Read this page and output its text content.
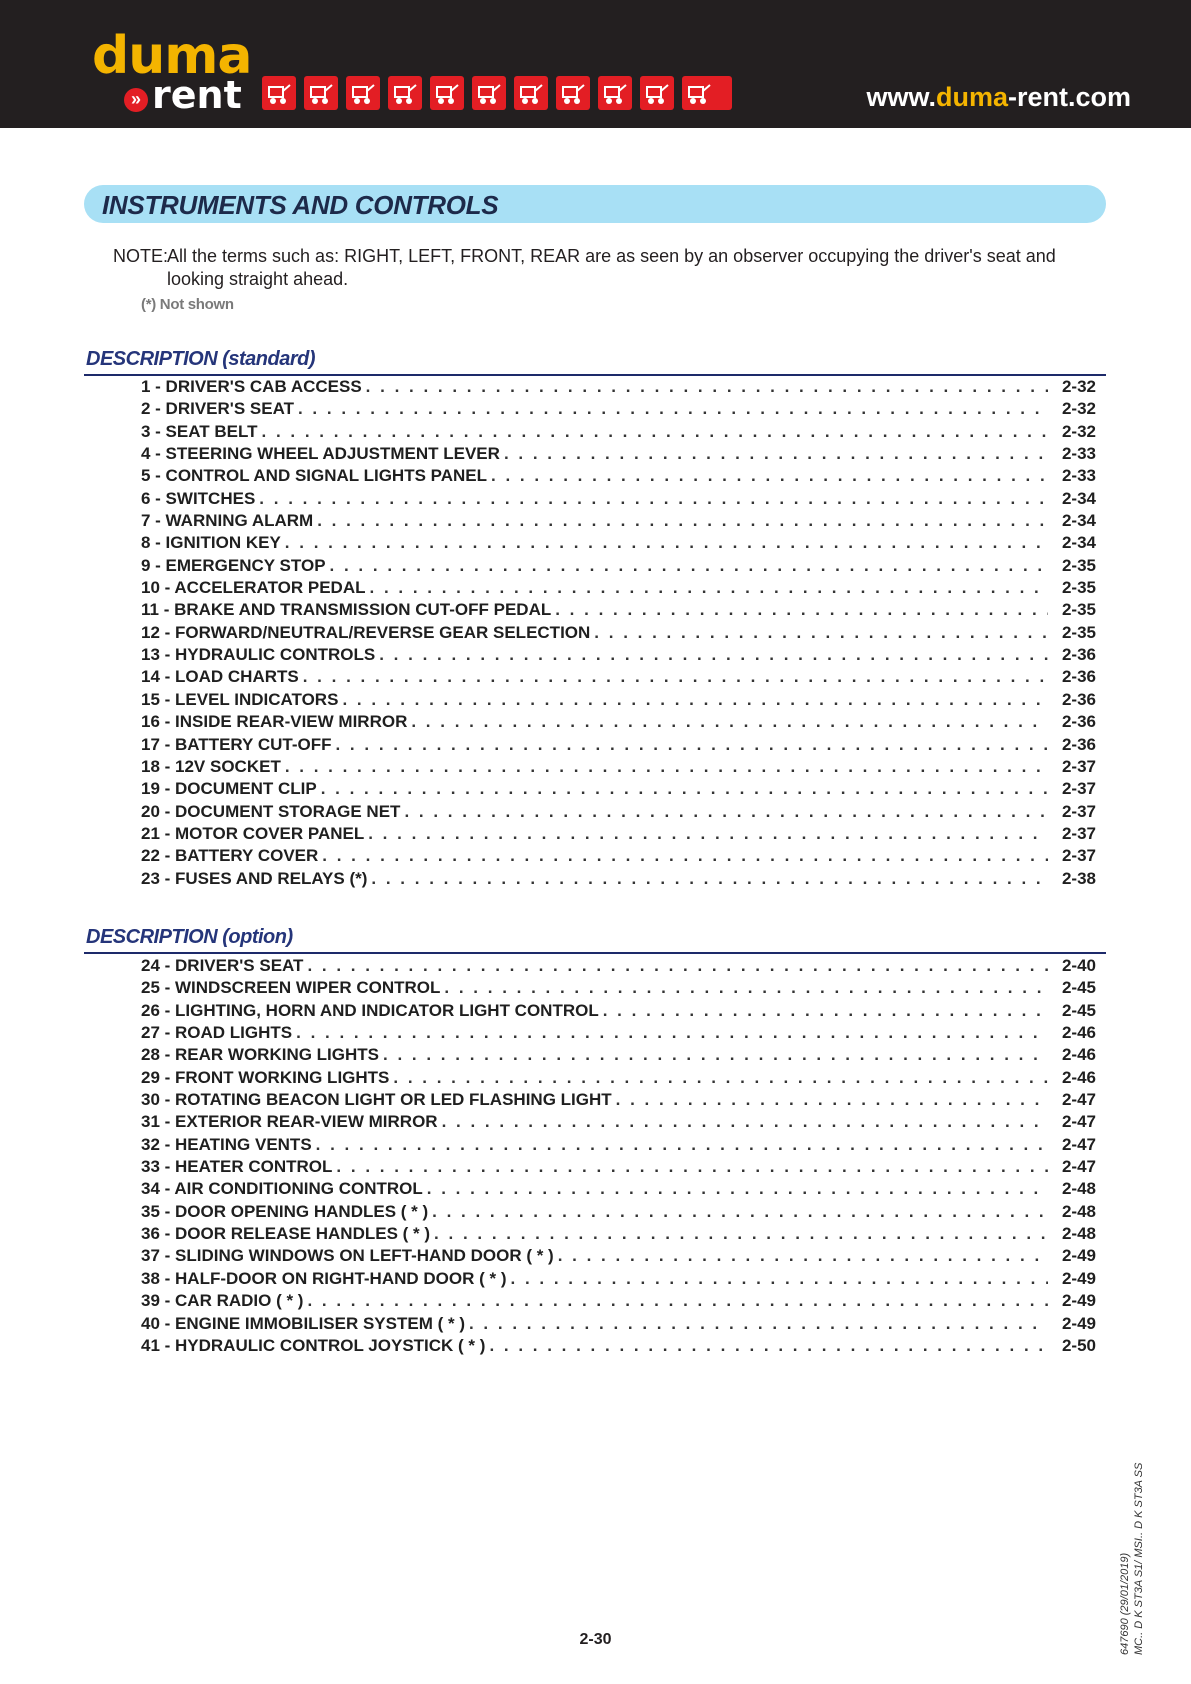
duma
» rent	www.duma-rent.com
INSTRUMENTS AND CONTROLS
NOTE:
All the terms such as: RIGHT, LEFT, FRONT, REAR are as seen by an observer occupying the driver's seat and looking straight ahead.
(*) Not shown
DESCRIPTION (standard)
1 - DRIVER'S CAB ACCESS . . .	2-32
2 - DRIVER'S SEAT . . .	2-32
3 - SEAT BELT . . .	2-32
4 - STEERING WHEEL ADJUSTMENT LEVER . . .	2-33
5 - CONTROL AND SIGNAL LIGHTS PANEL . . .	2-33
6 - SWITCHES . . .	2-34
7 - WARNING ALARM . . .	2-34
8 - IGNITION KEY . . .	2-34
9 - EMERGENCY STOP . . .	2-35
10 - ACCELERATOR PEDAL . . .	2-35
11 - BRAKE AND TRANSMISSION CUT-OFF PEDAL . . .	2-35
12 - FORWARD/NEUTRAL/REVERSE GEAR SELECTION . . .	2-35
13 - HYDRAULIC CONTROLS . . .	2-36
14 - LOAD CHARTS . . .	2-36
15 - LEVEL INDICATORS . . .	2-36
16 - INSIDE REAR-VIEW MIRROR . . .	2-36
17 - BATTERY CUT-OFF . . .	2-36
18 - 12V SOCKET . . .	2-37
19 - DOCUMENT CLIP . . .	2-37
20 - DOCUMENT STORAGE NET . . .	2-37
21 - MOTOR COVER PANEL . . .	2-37
22 - BATTERY COVER . . .	2-37
23 - FUSES AND RELAYS (*) . . .	2-38
DESCRIPTION (option)
24 - DRIVER'S SEAT . . .	2-40
25 - WINDSCREEN WIPER CONTROL . . .	2-45
26 - LIGHTING, HORN AND INDICATOR LIGHT CONTROL . . .	2-45
27 - ROAD LIGHTS . . .	2-46
28 - REAR WORKING LIGHTS . . .	2-46
29 - FRONT WORKING LIGHTS . . .	2-46
30 - ROTATING BEACON LIGHT OR LED FLASHING LIGHT . . .	2-47
31 - EXTERIOR REAR-VIEW MIRROR . . .	2-47
32 - HEATING VENTS . . .	2-47
33 - HEATER CONTROL . . .	2-47
34 - AIR CONDITIONING CONTROL . . .	2-48
35 - DOOR OPENING HANDLES ( * ) . . .	2-48
36 - DOOR RELEASE HANDLES ( * ) . . .	2-48
37 - SLIDING WINDOWS ON LEFT-HAND DOOR ( * ) . . .	2-49
38 - HALF-DOOR ON RIGHT-HAND DOOR ( * ) . . .	2-49
39 - CAR RADIO ( * ) . . .	2-49
40 - ENGINE IMMOBILISER SYSTEM ( * ) . . .	2-49
41 - HYDRAULIC CONTROL JOYSTICK ( * ) . . .	2-50
2-30	647690 (29/01/2019) MC.. D K ST3A S1/ MSI.. D K ST3A SS
